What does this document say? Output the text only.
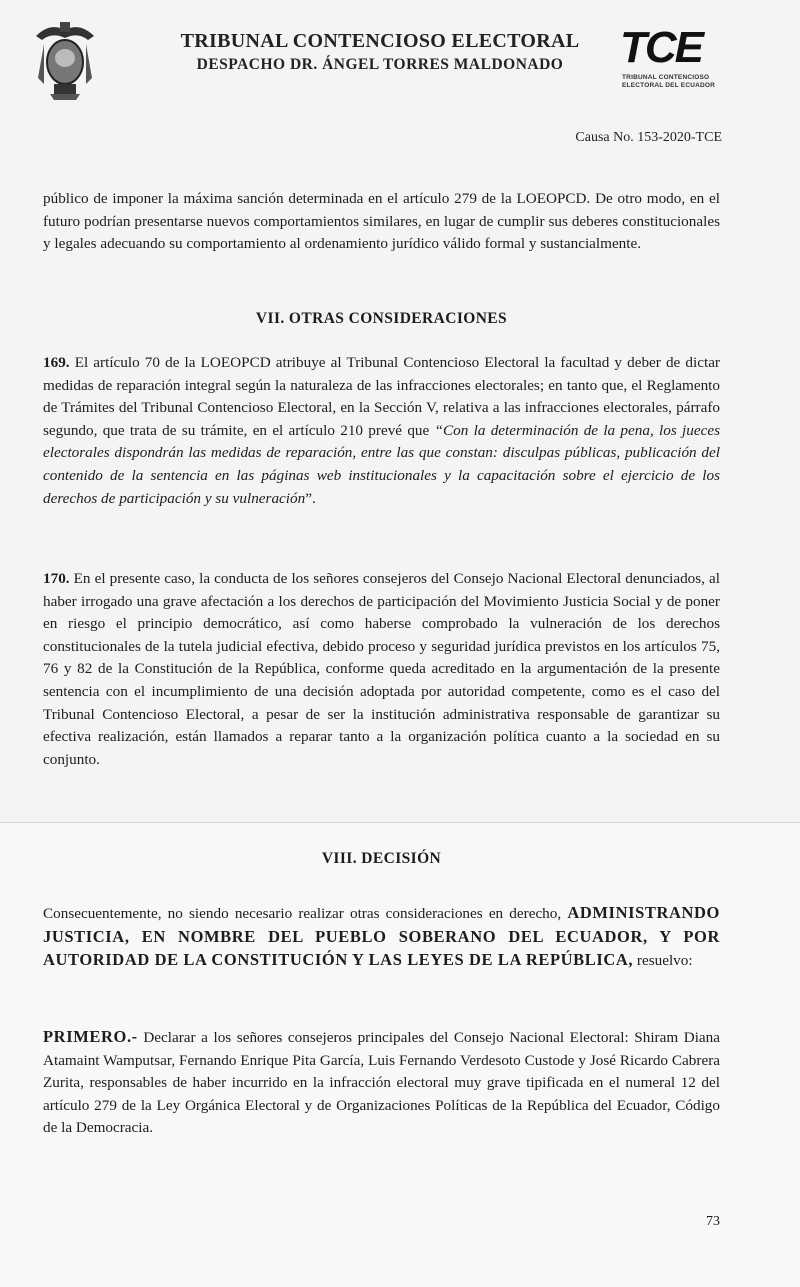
TRIBUNAL CONTENCIOSO ELECTORAL
DESPACHO DR. ÁNGEL TORRES MALDONADO	TCE
TRIBUNAL CONTENCIOSO
ELECTORAL DEL ECUADOR
Causa No. 153-2020-TCE
público de imponer la máxima sanción determinada en el artículo 279 de la LOEOPCD. De otro modo, en el futuro podrían presentarse nuevos comportamientos similares, en lugar de cumplir sus deberes constitucionales y legales adecuando su comportamiento al ordenamiento jurídico válido formal y sustancialmente.
VII. OTRAS CONSIDERACIONES
169. El artículo 70 de la LOEOPCD atribuye al Tribunal Contencioso Electoral la facultad y deber de dictar medidas de reparación integral según la naturaleza de las infracciones electorales; en tanto que, el Reglamento de Trámites del Tribunal Contencioso Electoral, en la Sección V, relativa a las infracciones electorales, párrafo segundo, que trata de su trámite, en el artículo 210 prevé que “Con la determinación de la pena, los jueces electorales dispondrán las medidas de reparación, entre las que constan: disculpas públicas, publicación del contenido de la sentencia en las páginas web institucionales y la capacitación sobre el ejercicio de los derechos de participación y su vulneración”.
170. En el presente caso, la conducta de los señores consejeros del Consejo Nacional Electoral denunciados, al haber irrogado una grave afectación a los derechos de participación del Movimiento Justicia Social y de poner en riesgo el principio democrático, así como haberse comprobado la vulneración de los derechos constitucionales de la tutela judicial efectiva, debido proceso y seguridad jurídica previstos en los artículos 75, 76 y 82 de la Constitución de la República, conforme queda acreditado en la argumentación de la presente sentencia con el incumplimiento de una decisión adoptada por autoridad competente, como es el caso del Tribunal Contencioso Electoral, a pesar de ser la institución administrativa responsable de garantizar su efectiva realización, están llamados a reparar tanto a la organización política cuanto a la sociedad en su conjunto.
VIII. DECISIÓN
Consecuentemente, no siendo necesario realizar otras consideraciones en derecho, ADMINISTRANDO JUSTICIA, EN NOMBRE DEL PUEBLO SOBERANO DEL ECUADOR, Y POR AUTORIDAD DE LA CONSTITUCIÓN Y LAS LEYES DE LA REPÚBLICA, resuelvo:
PRIMERO.- Declarar a los señores consejeros principales del Consejo Nacional Electoral: Shiram Diana Atamaint Wamputsar, Fernando Enrique Pita García, Luis Fernando Verdesoto Custode y José Ricardo Cabrera Zurita, responsables de haber incurrido en la infracción electoral muy grave tipificada en el numeral 12 del artículo 279 de la Ley Orgánica Electoral y de Organizaciones Políticas de la República del Ecuador, Código de la Democracia.
73
